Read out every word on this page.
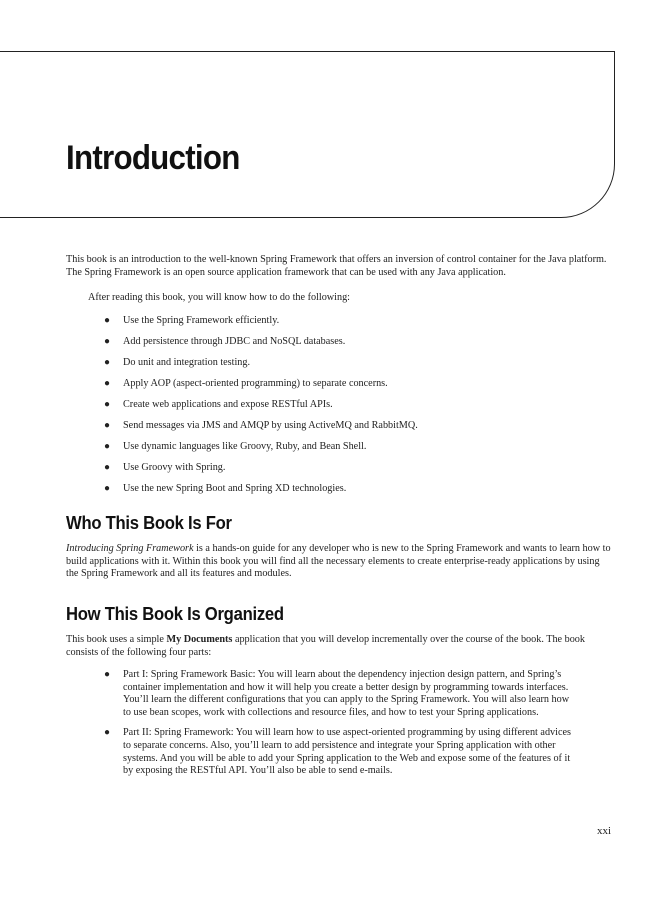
Introduction

This book is an introduction to the well-known Spring Framework that offers an inversion of control container for the Java platform. The Spring Framework is an open source application framework that can be used with any Java application.

After reading this book, you will know how to do the following:

● Use the Spring Framework efficiently.
● Add persistence through JDBC and NoSQL databases.
● Do unit and integration testing.
● Apply AOP (aspect-oriented programming) to separate concerns.
● Create web applications and expose RESTful APIs.
● Send messages via JMS and AMQP by using ActiveMQ and RabbitMQ.
● Use dynamic languages like Groovy, Ruby, and Bean Shell.
● Use Groovy with Spring.
● Use the new Spring Boot and Spring XD technologies.
Who This Book Is For

Introducing Spring Framework is a hands-on guide for any developer who is new to the Spring Framework and wants to learn how to build applications with it. Within this book you will find all the necessary elements to create enterprise-ready applications by using the Spring Framework and all its features and modules.

How This Book Is Organized

This book uses a simple My Documents application that you will develop incrementally over the course of the book. The book consists of the following four parts:

● Part I: Spring Framework Basic: You will learn about the dependency injection design pattern, and Spring’s container implementation and how it will help you create a better design by programming towards interfaces. You’ll learn the different configurations that you can apply to the Spring Framework. You will also learn how to use bean scopes, work with collections and resource files, and how to test your Spring applications.
● Part II: Spring Framework: You will learn how to use aspect-oriented programming by using different advices to separate concerns. Also, you’ll learn to add persistence and integrate your Spring application with other systems. And you will be able to add your Spring application to the Web and expose some of the features of it by exposing the RESTful API. You’ll also be able to send e-mails.
xxi
